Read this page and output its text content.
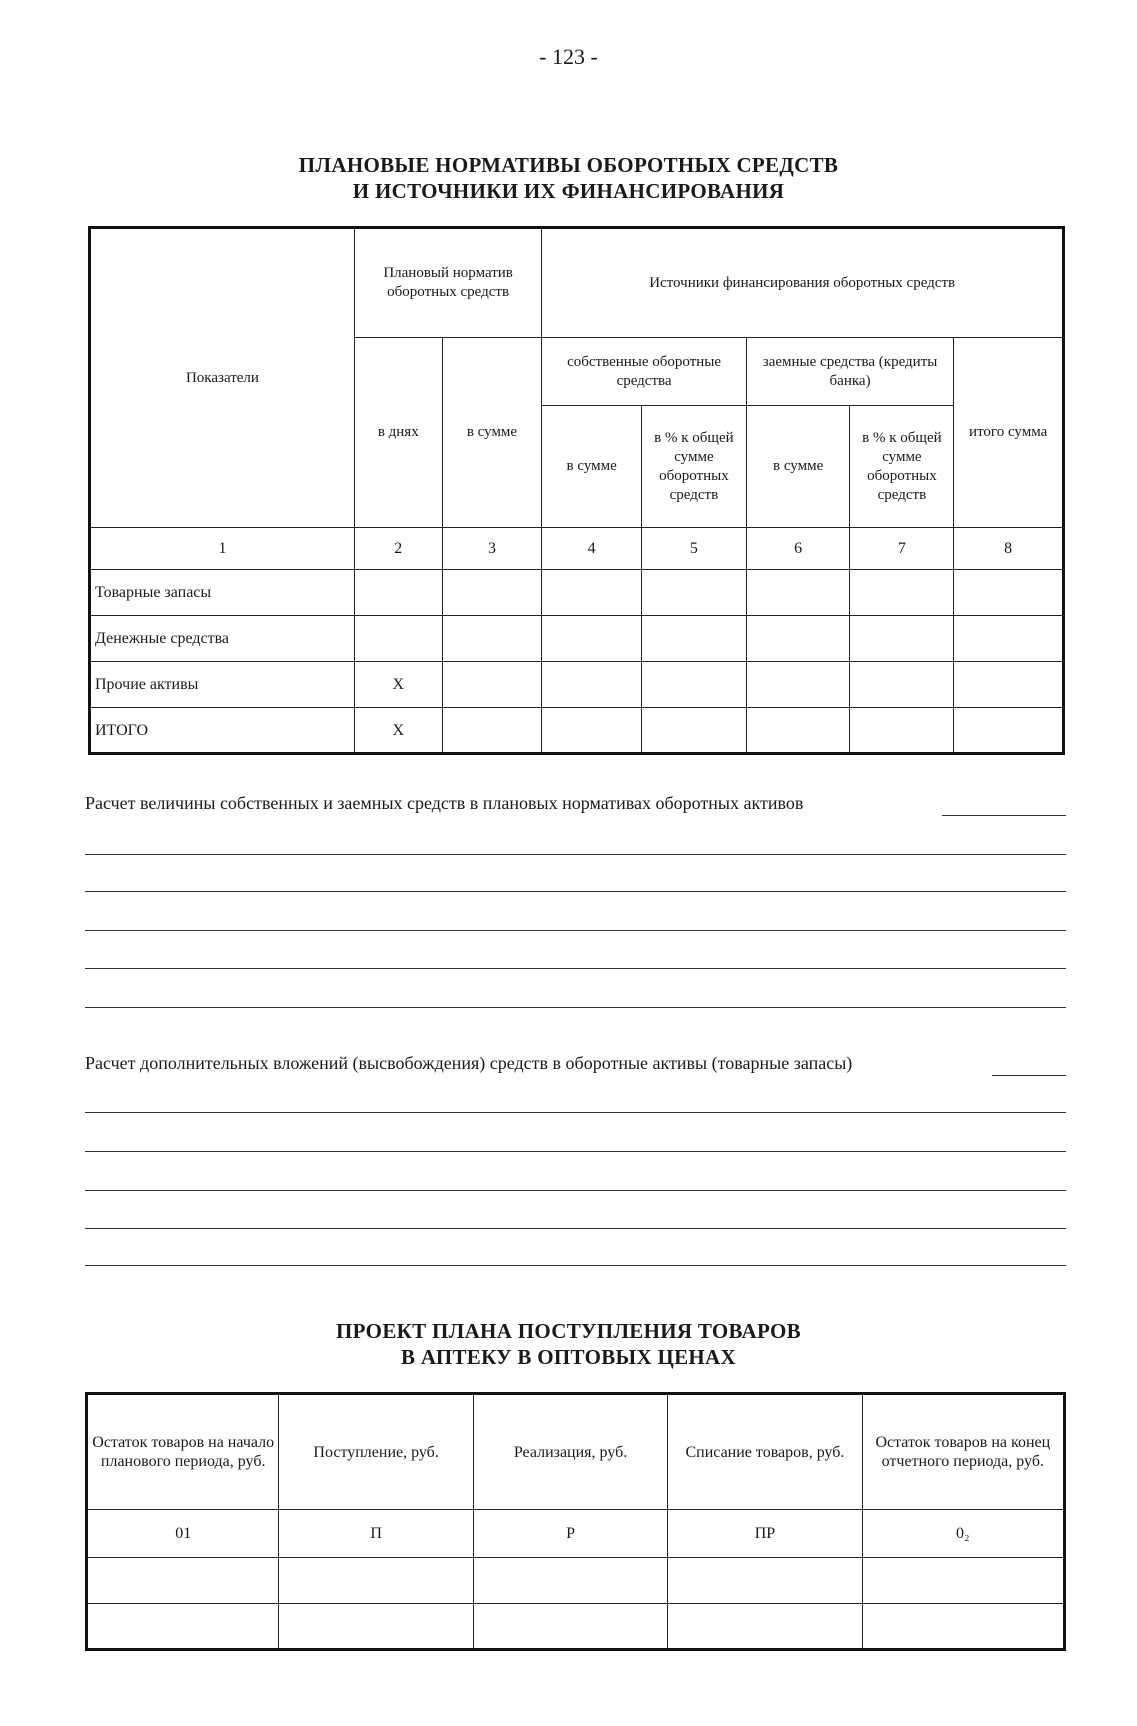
- 123 -
ПЛАНОВЫЕ НОРМАТИВЫ ОБОРОТНЫХ СРЕДСТВ
И ИСТОЧНИКИ ИХ ФИНАНСИРОВАНИЯ
Показатели	Плановый норматив оборотных средств		Источники финансирования оборотных средств				
	в днях	в сумме	собственные оборотные средства		заемные средства (кредиты банка)		итого сумма
			в сумме	в % к общей сумме оборотных средств	в сумме	в % к общей сумме оборотных средств	
1	2	3	4	5	6	7	8
Товарные запасы							
Денежные средства							
Прочие активы	Х						
ИТОГО	Х						
Расчет величины собственных и заемных средств в плановых нормативах оборотных активов
Расчет дополнительных вложений (высвобождения) средств в оборотные активы (товарные запасы)
ПРОЕКТ ПЛАНА ПОСТУПЛЕНИЯ ТОВАРОВ
В АПТЕКУ В ОПТОВЫХ ЦЕНАХ
Остаток товаров на начало планового периода, руб.	Поступление, руб.	Реализация, руб.	Списание товаров, руб.	Остаток товаров на конец отчетного периода, руб.
01	П	Р	ПР	0₂
